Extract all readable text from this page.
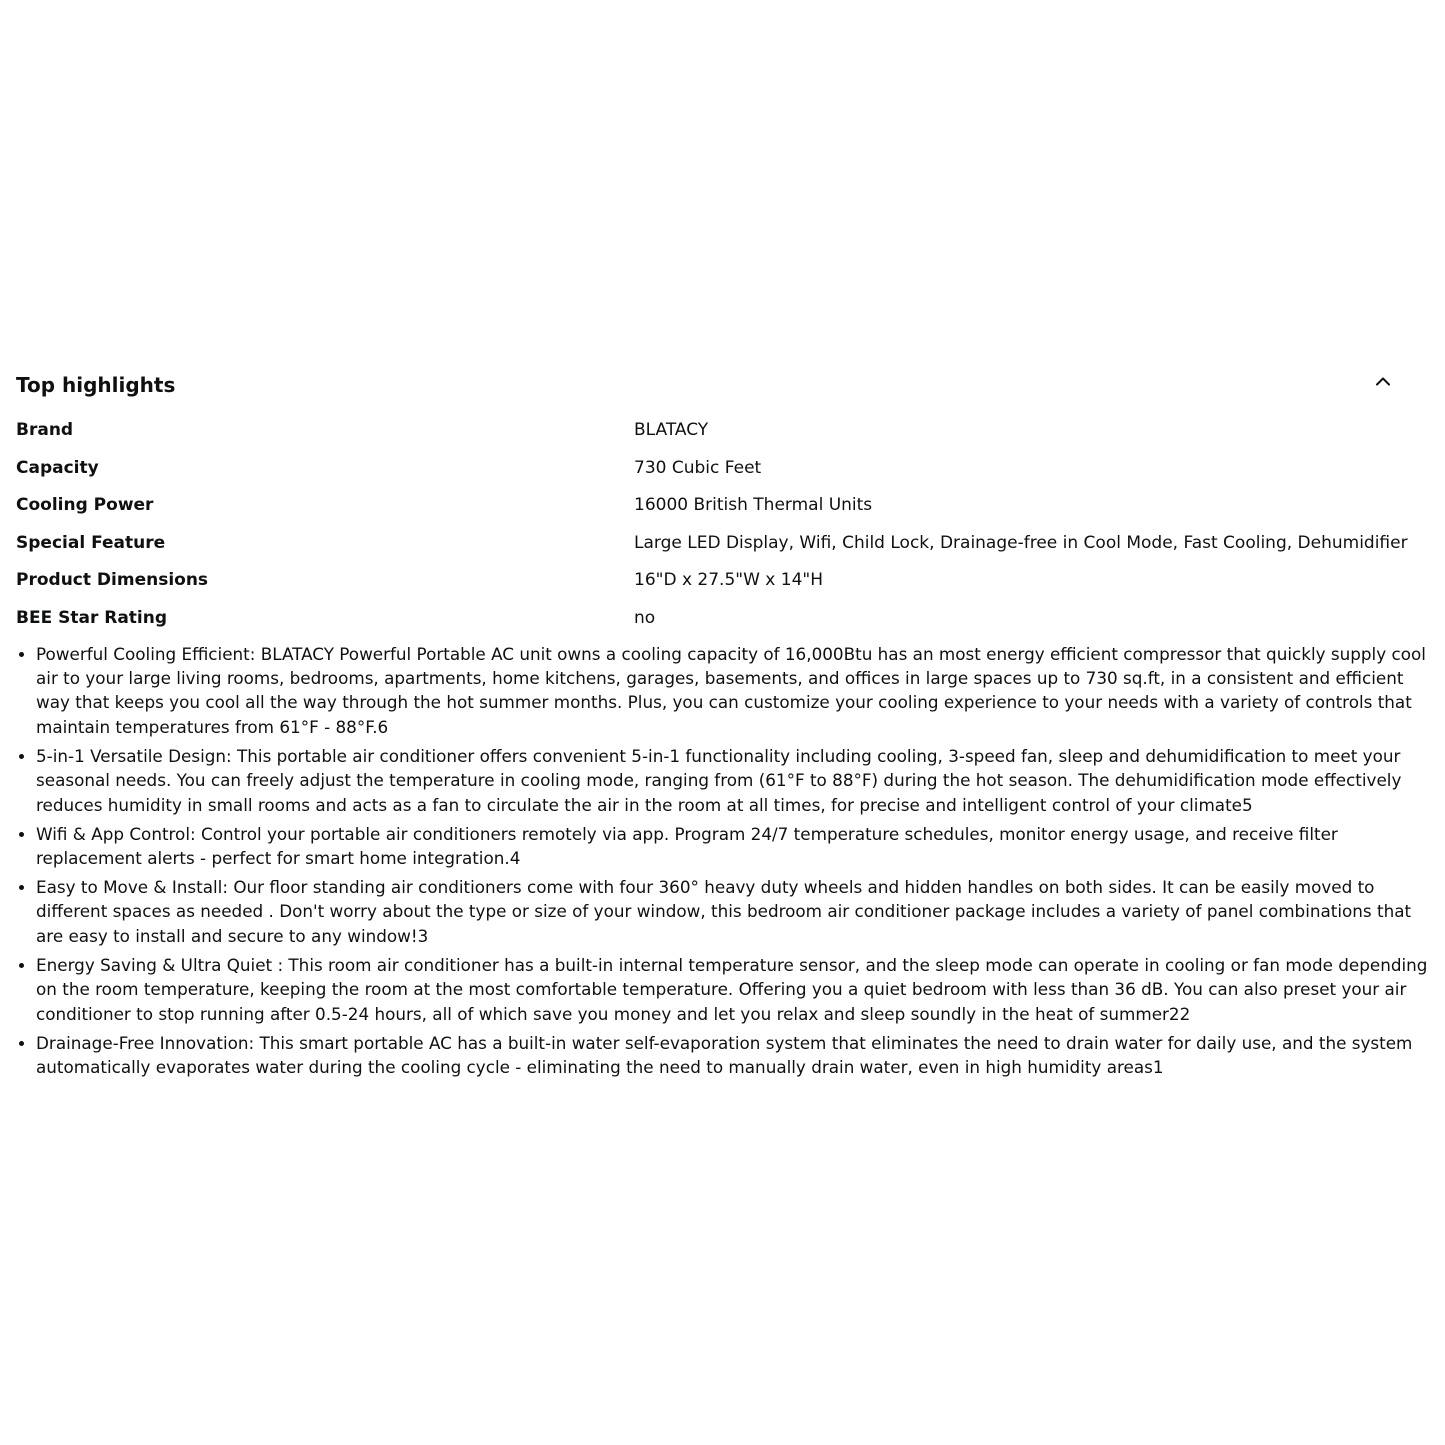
Top highlights
Brand	BLATACY
Capacity	730 Cubic Feet
Cooling Power	16000 British Thermal Units
Special Feature	Large LED Display, Wifi, Child Lock, Drainage-free in Cool Mode, Fast Cooling, Dehumidifier
Product Dimensions	16"D x 27.5"W x 14"H
BEE Star Rating	no
Powerful Cooling Efficient: BLATACY Powerful Portable AC unit owns a cooling capacity of 16,000Btu has an most energy efficient compressor that quickly supply cool air to your large living rooms, bedrooms, apartments, home kitchens, garages, basements, and offices in large spaces up to 730 sq.ft, in a consistent and efficient way that keeps you cool all the way through the hot summer months. Plus, you can customize your cooling experience to your needs with a variety of controls that maintain temperatures from 61°F - 88°F.6
5-in-1 Versatile Design: This portable air conditioner offers convenient 5-in-1 functionality including cooling, 3-speed fan, sleep and dehumidification to meet your seasonal needs. You can freely adjust the temperature in cooling mode, ranging from (61°F to 88°F) during the hot season. The dehumidification mode effectively reduces humidity in small rooms and acts as a fan to circulate the air in the room at all times, for precise and intelligent control of your climate5
Wifi & App Control: Control your portable air conditioners remotely via app. Program 24/7 temperature schedules, monitor energy usage, and receive filter replacement alerts - perfect for smart home integration.4
Easy to Move & Install: Our floor standing air conditioners come with four 360° heavy duty wheels and hidden handles on both sides. It can be easily moved to different spaces as needed . Don't worry about the type or size of your window, this bedroom air conditioner package includes a variety of panel combinations that are easy to install and secure to any window!3
Energy Saving & Ultra Quiet : This room air conditioner has a built-in internal temperature sensor, and the sleep mode can operate in cooling or fan mode depending on the room temperature, keeping the room at the most comfortable temperature. Offering you a quiet bedroom with less than 36 dB. You can also preset your air conditioner to stop running after 0.5-24 hours, all of which save you money and let you relax and sleep soundly in the heat of summer22
Drainage-Free Innovation: This smart portable AC has a built-in water self-evaporation system that eliminates the need to drain water for daily use, and the system automatically evaporates water during the cooling cycle - eliminating the need to manually drain water, even in high humidity areas1
